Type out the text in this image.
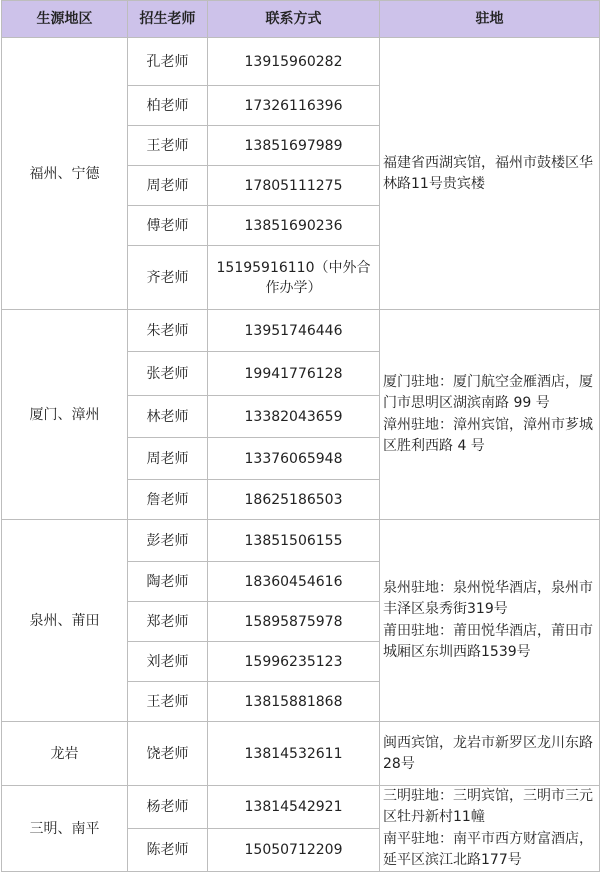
生源地区	招生老师	联系方式	驻地
福州、宁德	孔老师	13915960282	福建省西湖宾馆，福州市鼓楼区华林路11号贵宾楼

	柏老师	17326116396	
	王老师	13851697989	
	周老师	17805111275	
	傅老师	13851690236	
	齐老师	15195916110（中外合作办学）	
厦门、漳州	朱老师	13951746446	厦门驻地：厦门航空金雁酒店，厦门市思明区湖滨南路 99 号
漳州驻地：漳州宾馆，漳州市芗城区胜利西路 4 号

	张老师	19941776128	
	林老师	13382043659	
	周老师	13376065948	
	詹老师	18625186503	
泉州、莆田	彭老师	13851506155	泉州驻地：泉州悦华酒店，泉州市丰泽区泉秀街319号
莆田驻地：莆田悦华酒店，莆田市城厢区东圳西路1539号

	陶老师	18360454616	
	郑老师	15895875978	
	刘老师	15996235123	
	王老师	13815881868	
龙岩	饶老师	13814532611	闽西宾馆，龙岩市新罗区龙川东路28号

三明、南平	杨老师	13814542921	三明驻地：三明宾馆，三明市三元区牡丹新村11幢
南平驻地：南平市西方财富酒店，延平区滨江北路177号

	陈老师	15050712209	
